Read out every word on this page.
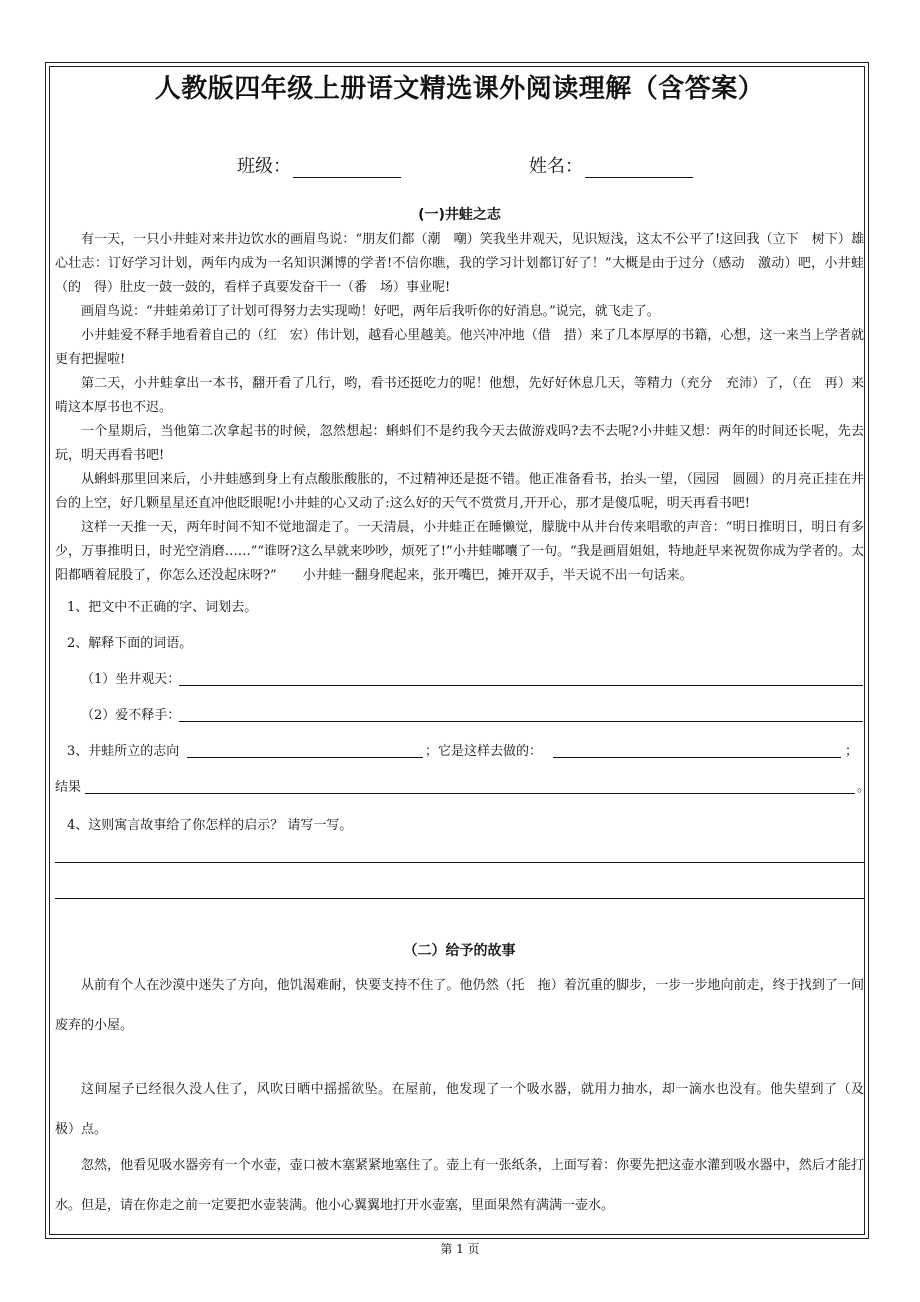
人教版四年级上册语文精选课外阅读理解（含答案）
班级：	姓名：
(一)井蛙之志
有一天，一只小井蛙对来井边饮水的画眉鸟说：“朋友们都（潮　嘲）笑我坐井观天，见识短浅，这太不公平了!这回我（立下　树下）雄心壮志：订好学习计划，两年内成为一名知识渊博的学者!不信你瞧，我的学习计划都订好了！”大概是由于过分（感动　激动）吧，小井蛙（的　得）肚皮一鼓一鼓的，看样子真要发奋干一（番　场）事业呢!
画眉鸟说：“井蛙弟弟订了计划可得努力去实现呦！好吧，两年后我听你的好消息。”说完，就飞走了。
小井蛙爱不释手地看着自己的（红　宏）伟计划，越看心里越美。他兴冲冲地（借　措）来了几本厚厚的书籍，心想，这一来当上学者就更有把握啦!
第二天，小井蛙拿出一本书，翻开看了几行，哟，看书还挺吃力的呢！他想，先好好休息几天，等精力（充分　充沛）了，（在　再）来啃这本厚书也不迟。
一个星期后，当他第二次拿起书的时候，忽然想起：蝌蚪们不是约我今天去做游戏吗?去不去呢?小井蛙又想：两年的时间还长呢，先去玩，明天再看书吧!
从蝌蚪那里回来后，小井蛙感到身上有点酸胀酸胀的，不过精神还是挺不错。他正准备看书，抬头一望，（园园　圆圆）的月亮正挂在井台的上空，好几颗星星还直冲他眨眼呢!小井蛙的心又动了:这么好的天气不赏赏月,开开心，那才是傻瓜呢，明天再看书吧!
这样一天推一天，两年时间不知不觉地溜走了。一天清晨，小井蛙正在睡懒觉，朦胧中从井台传来唱歌的声音：“明日推明日，明日有多少，万事推明日，时光空消磨……”“谁呀?这么早就来吵吵，烦死了!”小井蛙嘟囔了一句。“我是画眉姐姐，特地赶早来祝贺你成为学者的。太阳都晒着屁股了，你怎么还没起床呀?”　　小井蛙一翻身爬起来，张开嘴巴，摊开双手，半天说不出一句话来。
1、把文中不正确的字、词划去。
2、解释下面的词语。
（1）坐井观天：
（2）爱不释手：
3、井蛙所立的志向	；它是这样去做的：	；
结果	。
4、这则寓言故事给了你怎样的启示？ 请写一写。
（二）给予的故事
从前有个人在沙漠中迷失了方向，他饥渴难耐，快要支持不住了。他仍然（托　拖）着沉重的脚步，一步一步地向前走，终于找到了一间废弃的小屋。
这间屋子已经很久没人住了，风吹日晒中摇摇欲坠。在屋前，他发现了一个吸水器，就用力抽水，却一滴水也没有。他失望到了（及　极）点。
忽然，他看见吸水器旁有一个水壶，壶口被木塞紧紧地塞住了。壶上有一张纸条，上面写着：你要先把这壶水灌到吸水器中，然后才能打水。但是，请在你走之前一定要把水壶装满。他小心翼翼地打开水壶塞，里面果然有满满一壶水。
第 1 页
